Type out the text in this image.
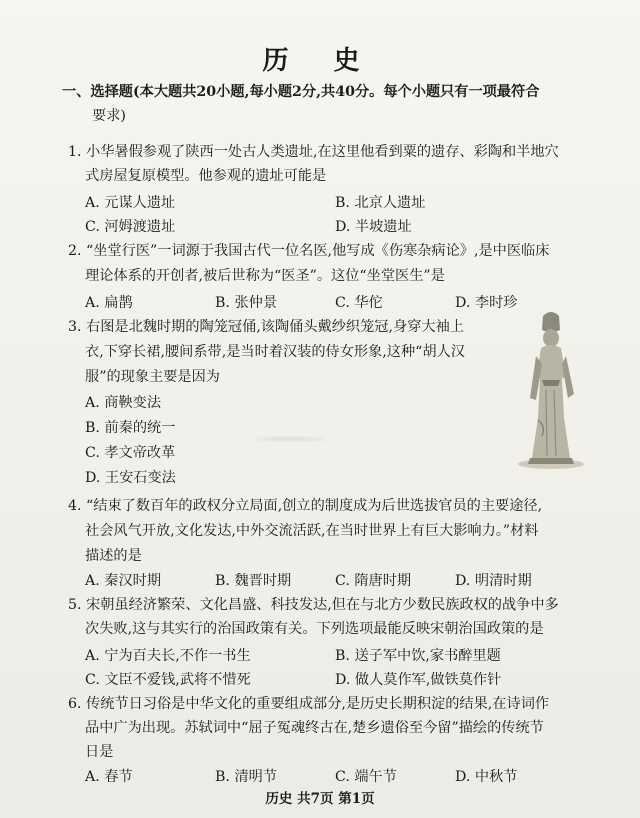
历 史
一、选择题(本大题共20小题,每小题2分,共40分。每个小题只有一项最符合
要求)
1. 小华暑假参观了陕西一处古人类遗址,在这里他看到粟的遗存、彩陶和半地穴
式房屋复原模型。他参观的遗址可能是
A. 元谋人遗址	B. 北京人遗址
C. 河姆渡遗址	D. 半坡遗址
2. “坐堂行医”一词源于我国古代一位名医,他写成《伤寒杂病论》,是中医临床
理论体系的开创者,被后世称为“医圣”。这位“坐堂医生”是
A. 扁鹊	B. 张仲景	C. 华佗	D. 李时珍
3. 右图是北魏时期的陶笼冠俑,该陶俑头戴纱织笼冠,身穿大袖上
衣,下穿长裙,腰间系带,是当时着汉装的侍女形象,这种“胡人汉
服”的现象主要是因为
A. 商鞅变法
B. 前秦的统一
C. 孝文帝改革
D. 王安石变法
4. “结束了数百年的政权分立局面,创立的制度成为后世选拔官员的主要途径,
社会风气开放,文化发达,中外交流活跃,在当时世界上有巨大影响力。”材料
描述的是
A. 秦汉时期	B. 魏晋时期	C. 隋唐时期	D. 明清时期
5. 宋朝虽经济繁荣、文化昌盛、科技发达,但在与北方少数民族政权的战争中多
次失败,这与其实行的治国政策有关。下列选项最能反映宋朝治国政策的是
A. 宁为百夫长,不作一书生	B. 送子军中饮,家书醉里题
C. 文臣不爱钱,武将不惜死	D. 做人莫作军,做铁莫作针
6. 传统节日习俗是中华文化的重要组成部分,是历史长期积淀的结果,在诗词作
品中广为出现。苏轼词中“屈子冤魂终古在,楚乡遗俗至今留”描绘的传统节
日是
A. 春节	B. 清明节	C. 端午节	D. 中秋节
历史 共7页 第1页
